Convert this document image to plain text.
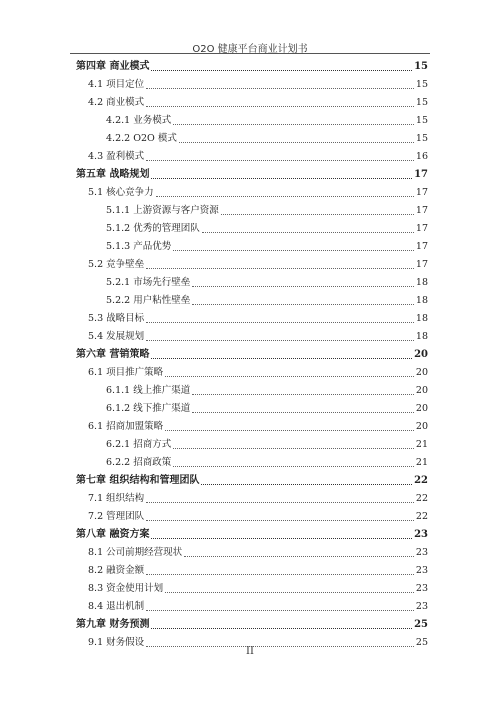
O2O 健康平台商业计划书
第四章 商业模式	15
4.1 项目定位	15
4.2 商业模式	15
4.2.1 业务模式	15
4.2.2 O2O 模式	15
4.3 盈利模式	16
第五章 战略规划	17
5.1 核心竞争力	17
5.1.1 上游资源与客户资源	17
5.1.2 优秀的管理团队	17
5.1.3 产品优势	17
5.2 竞争壁垒	17
5.2.1 市场先行壁垒	18
5.2.2 用户粘性壁垒	18
5.3 战略目标	18
5.4 发展规划	18
第六章 营销策略	20
6.1 项目推广策略	20
6.1.1 线上推广渠道	20
6.1.2 线下推广渠道	20
6.1 招商加盟策略	20
6.2.1 招商方式	21
6.2.2 招商政策	21
第七章 组织结构和管理团队	22
7.1 组织结构	22
7.2 管理团队	22
第八章 融资方案	23
8.1 公司前期经营现状	23
8.2 融资金额	23
8.3 资金使用计划	23
8.4 退出机制	23
第九章 财务预测	25
9.1 财务假设	25
II
